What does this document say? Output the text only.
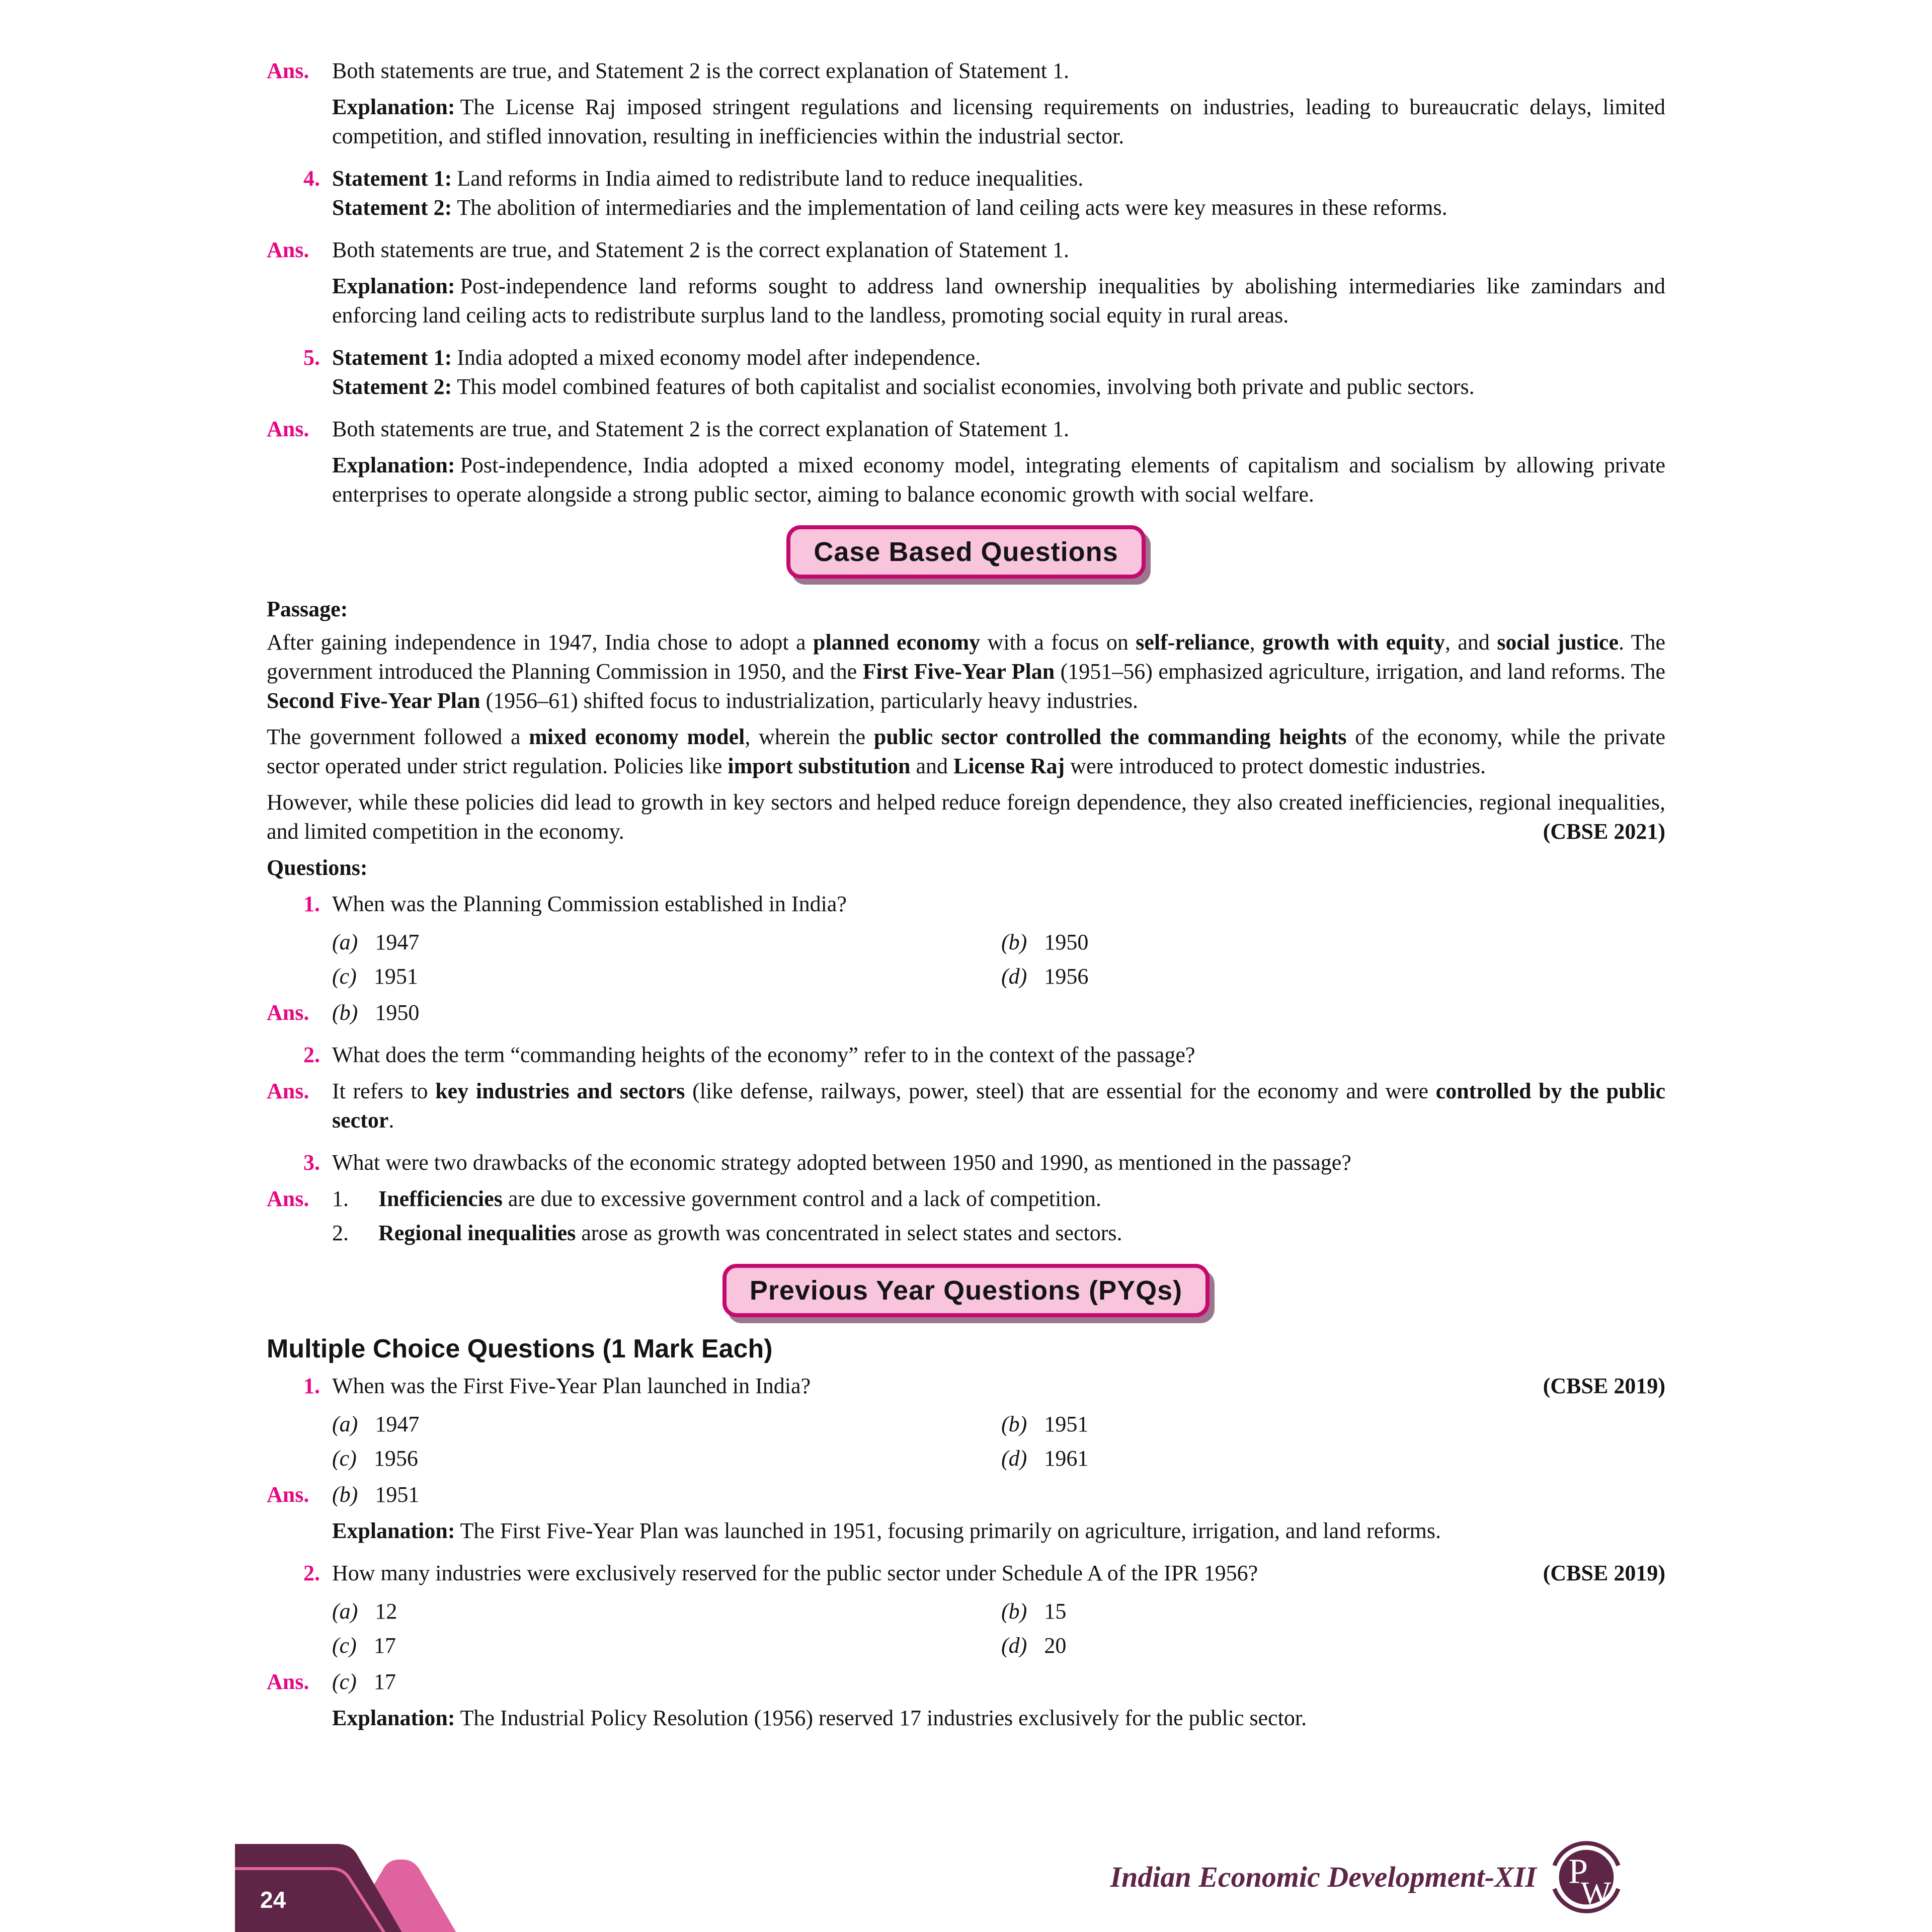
Ans.	Both statements are true, and Statement 2 is the correct explanation of Statement 1.
Explanation: The License Raj imposed stringent regulations and licensing requirements on industries, leading to bureaucratic delays, limited competition, and stifled innovation, resulting in inefficiencies within the industrial sector.
4. Statement 1: Land reforms in India aimed to redistribute land to reduce inequalities.
Statement 2: The abolition of intermediaries and the implementation of land ceiling acts were key measures in these reforms.
Ans.	Both statements are true, and Statement 2 is the correct explanation of Statement 1.
Explanation: Post-independence land reforms sought to address land ownership inequalities by abolishing intermediaries like zamindars and enforcing land ceiling acts to redistribute surplus land to the landless, promoting social equity in rural areas.
5. Statement 1: India adopted a mixed economy model after independence.
Statement 2: This model combined features of both capitalist and socialist economies, involving both private and public sectors.
Ans.	Both statements are true, and Statement 2 is the correct explanation of Statement 1.
Explanation: Post-independence, India adopted a mixed economy model, integrating elements of capitalism and socialism by allowing private enterprises to operate alongside a strong public sector, aiming to balance economic growth with social welfare.
Case Based Questions
Passage:
After gaining independence in 1947, India chose to adopt a planned economy with a focus on self-reliance, growth with equity, and social justice. The government introduced the Planning Commission in 1950, and the First Five-Year Plan (1951–56) emphasized agriculture, irrigation, and land reforms. The Second Five-Year Plan (1956–61) shifted focus to industrialization, particularly heavy industries.
The government followed a mixed economy model, wherein the public sector controlled the commanding heights of the economy, while the private sector operated under strict regulation. Policies like import substitution and License Raj were introduced to protect domestic industries.
However, while these policies did lead to growth in key sectors and helped reduce foreign dependence, they also created inefficiencies, regional inequalities, and limited competition in the economy.	(CBSE 2021)
Questions:
1. When was the Planning Commission established in India?
(a) 1947	(b) 1950
(c) 1951	(d) 1956
Ans.	(b) 1950
2. What does the term “commanding heights of the economy” refer to in the context of the passage?
Ans.	It refers to key industries and sectors (like defense, railways, power, steel) that are essential for the economy and were controlled by the public sector.
3. What were two drawbacks of the economic strategy adopted between 1950 and 1990, as mentioned in the passage?
Ans.	1.	Inefficiencies are due to excessive government control and a lack of competition.
2.	Regional inequalities arose as growth was concentrated in select states and sectors.
Previous Year Questions (PYQs)
Multiple Choice Questions (1 Mark Each)
1. When was the First Five-Year Plan launched in India?	(CBSE 2019)
(a) 1947	(b) 1951
(c) 1956	(d) 1961
Ans.	(b) 1951
Explanation: The First Five-Year Plan was launched in 1951, focusing primarily on agriculture, irrigation, and land reforms.
2. How many industries were exclusively reserved for the public sector under Schedule A of the IPR 1956?	(CBSE 2019)
(a) 12	(b) 15
(c) 17	(d) 20
Ans.	(c) 17
Explanation: The Industrial Policy Resolution (1956) reserved 17 industries exclusively for the public sector.
24
Indian Economic Development-XII P
W
